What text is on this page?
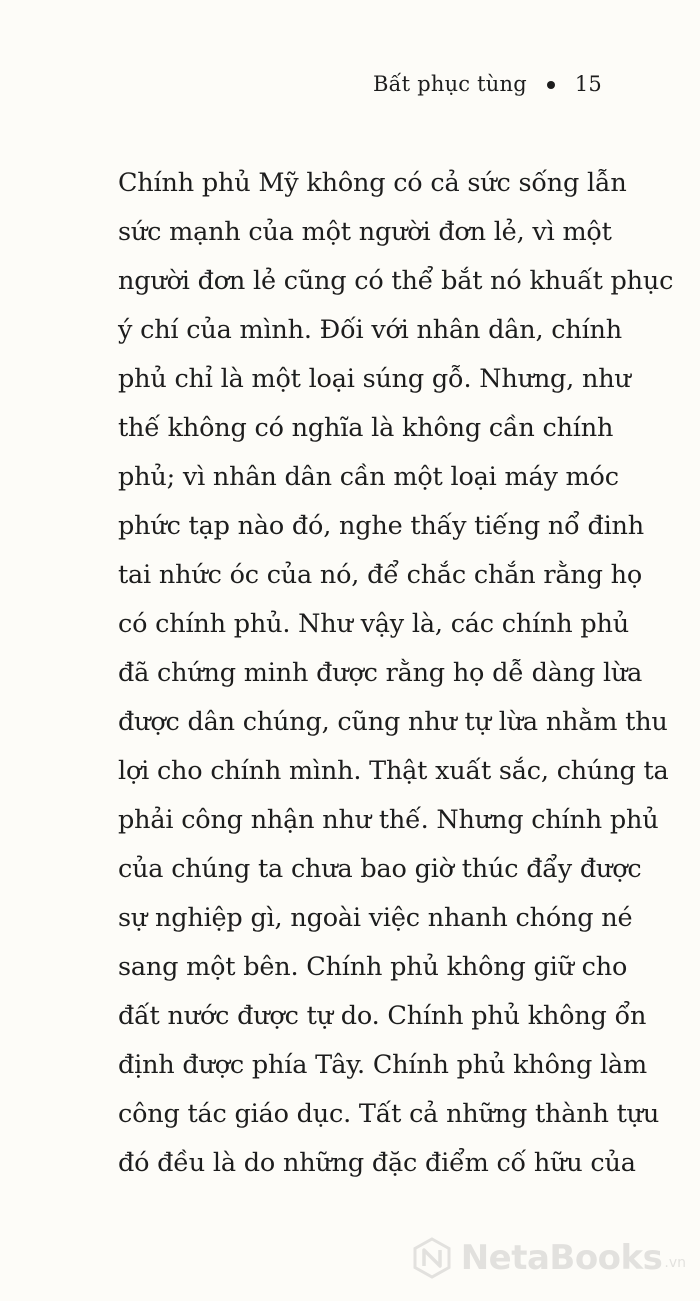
Bất phục tùng 15
Chính phủ Mỹ không có cả sức sống lẫn
sức mạnh của một người đơn lẻ, vì một
người đơn lẻ cũng có thể bắt nó khuất phục
ý chí của mình. Đối với nhân dân, chính
phủ chỉ là một loại súng gỗ. Nhưng, như
thế không có nghĩa là không cần chính
phủ; vì nhân dân cần một loại máy móc
phức tạp nào đó, nghe thấy tiếng nổ đinh
tai nhức óc của nó, để chắc chắn rằng họ
có chính phủ. Như vậy là, các chính phủ
đã chứng minh được rằng họ dễ dàng lừa
được dân chúng, cũng như tự lừa nhằm thu
lợi cho chính mình. Thật xuất sắc, chúng ta
phải công nhận như thế. Nhưng chính phủ
của chúng ta chưa bao giờ thúc đẩy được
sự nghiệp gì, ngoài việc nhanh chóng né
sang một bên. Chính phủ không giữ cho
đất nước được tự do. Chính phủ không ổn
định được phía Tây. Chính phủ không làm
công tác giáo dục. Tất cả những thành tựu
đó đều là do những đặc điểm cố hữu của
NetaBooks .vn
